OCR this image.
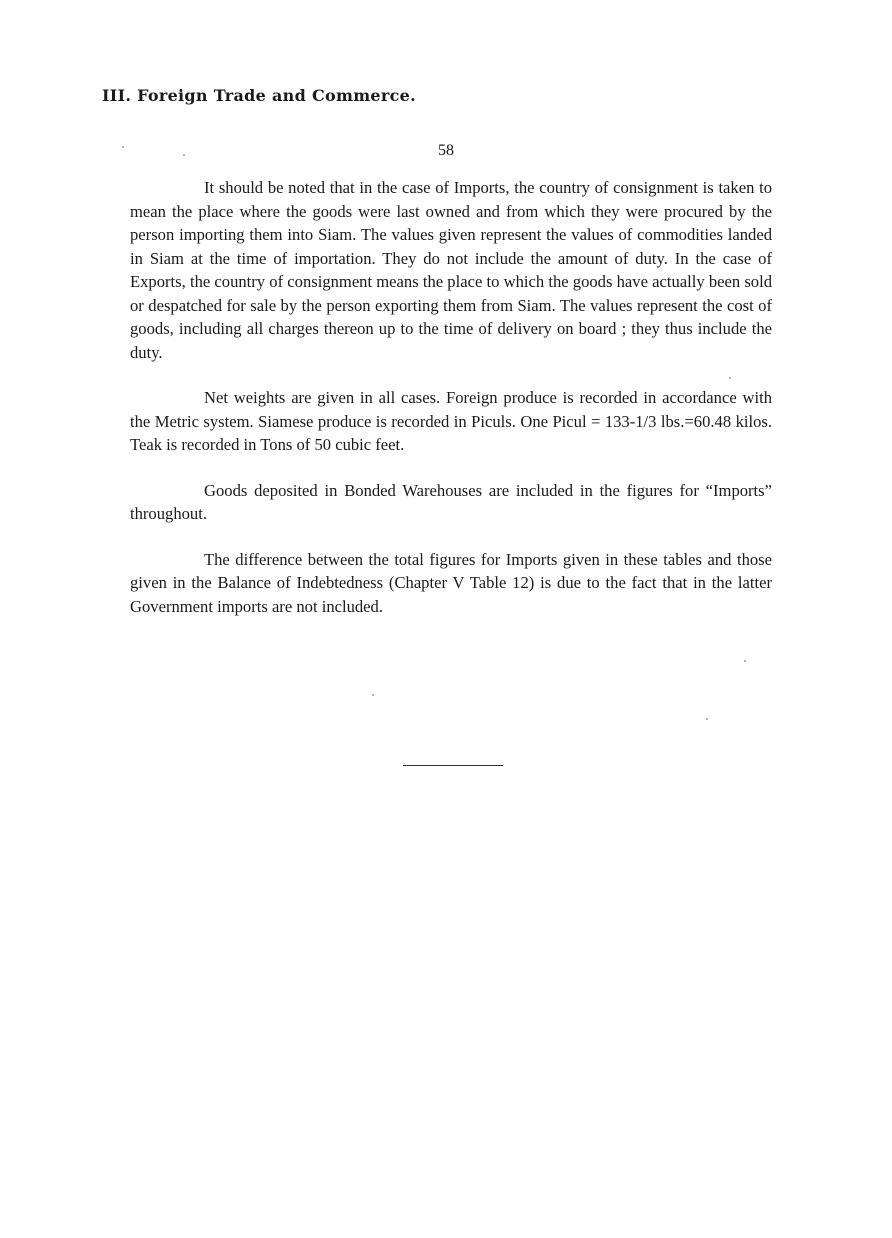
III. Foreign Trade and Commerce.
58

It should be noted that in the case of Imports, the country of consignment is taken to mean the place where the goods were last owned and from which they were procured by the person importing them into Siam. The values given represent the values of commodities landed in Siam at the time of importation. They do not include the amount of duty. In the case of Exports, the country of consignment means the place to which the goods have actually been sold or despatched for sale by the person exporting them from Siam. The values represent the cost of goods, including all charges thereon up to the time of delivery on board ; they thus include the duty.

Net weights are given in all cases. Foreign produce is recorded in accordance with the Metric system. Siamese produce is recorded in Piculs. One Picul = 133-1/3 lbs.=60.48 kilos. Teak is recorded in Tons of 50 cubic feet.

Goods deposited in Bonded Warehouses are included in the figures for “Imports” throughout.

The difference between the total figures for Imports given in these tables and those given in the Balance of Indebtedness (Chapter V Table 12) is due to the fact that in the latter Government imports are not included.
